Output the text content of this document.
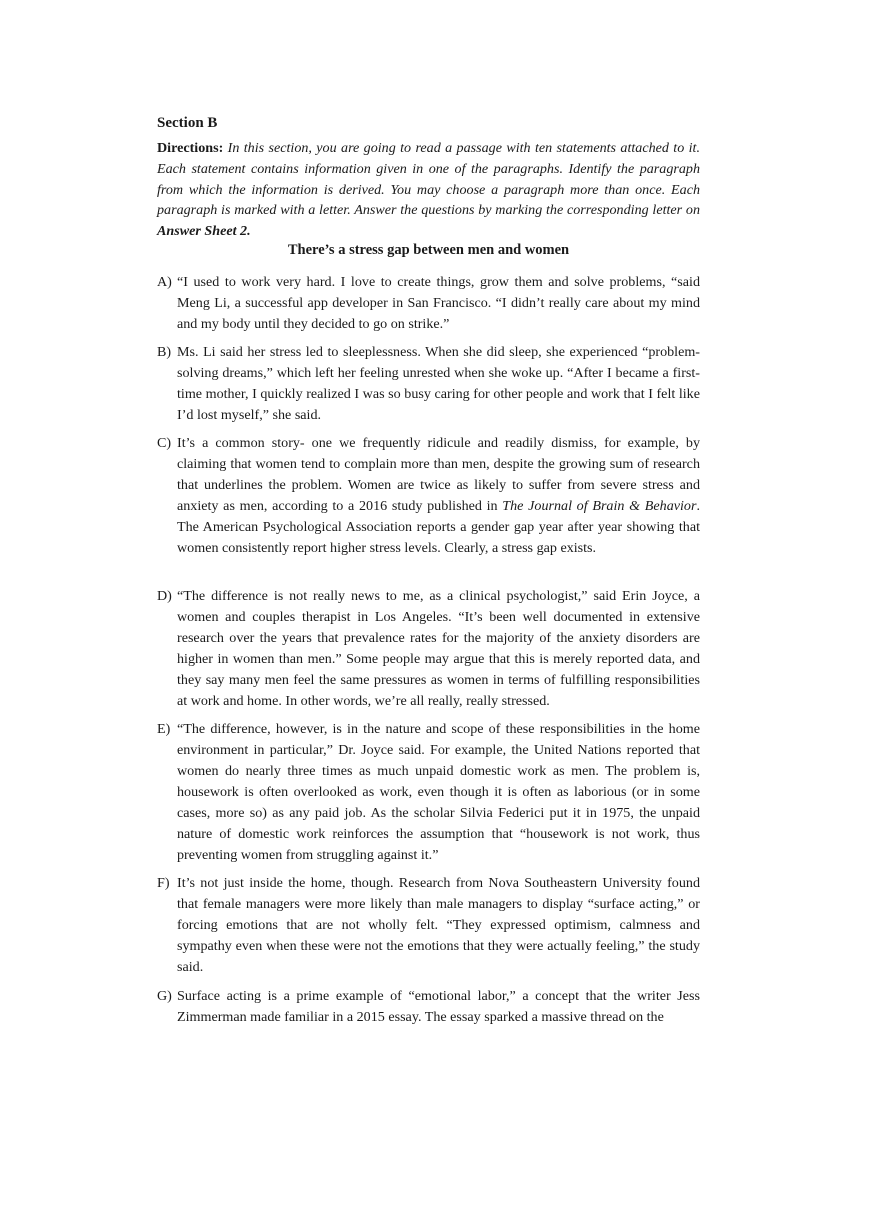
Section B
Directions: In this section, you are going to read a passage with ten statements attached to it. Each statement contains information given in one of the paragraphs. Identify the paragraph from which the information is derived. You may choose a paragraph more than once. Each paragraph is marked with a letter. Answer the questions by marking the corresponding letter on Answer Sheet 2.
There’s a stress gap between men and women
A) “I used to work very hard. I love to create things, grow them and solve problems, “said Meng Li, a successful app developer in San Francisco. “I didn’t really care about my mind and my body until they decided to go on strike.”
B) Ms. Li said her stress led to sleeplessness. When she did sleep, she experienced “problem-solving dreams,” which left her feeling unrested when she woke up. “After I became a first-time mother, I quickly realized I was so busy caring for other people and work that I felt like I’d lost myself,” she said.
C) It’s a common story- one we frequently ridicule and readily dismiss, for example, by claiming that women tend to complain more than men, despite the growing sum of research that underlines the problem. Women are twice as likely to suffer from severe stress and anxiety as men, according to a 2016 study published in The Journal of Brain & Behavior. The American Psychological Association reports a gender gap year after year showing that women consistently report higher stress levels. Clearly, a stress gap exists.
D) “The difference is not really news to me, as a clinical psychologist,” said Erin Joyce, a women and couples therapist in Los Angeles. “It’s been well documented in extensive research over the years that prevalence rates for the majority of the anxiety disorders are higher in women than men.” Some people may argue that this is merely reported data, and they say many men feel the same pressures as women in terms of fulfilling responsibilities at work and home. In other words, we’re all really, really stressed.
E) “The difference, however, is in the nature and scope of these responsibilities in the home environment in particular,” Dr. Joyce said. For example, the United Nations reported that women do nearly three times as much unpaid domestic work as men. The problem is, housework is often overlooked as work, even though it is often as laborious (or in some cases, more so) as any paid job. As the scholar Silvia Federici put it in 1975, the unpaid nature of domestic work reinforces the assumption that “housework is not work, thus preventing women from struggling against it.”
F) It’s not just inside the home, though. Research from Nova Southeastern University found that female managers were more likely than male managers to display “surface acting,” or forcing emotions that are not wholly felt. “They expressed optimism, calmness and sympathy even when these were not the emotions that they were actually feeling,” the study said.
G) Surface acting is a prime example of “emotional labor,” a concept that the writer Jess Zimmerman made familiar in a 2015 essay. The essay sparked a massive thread on the
